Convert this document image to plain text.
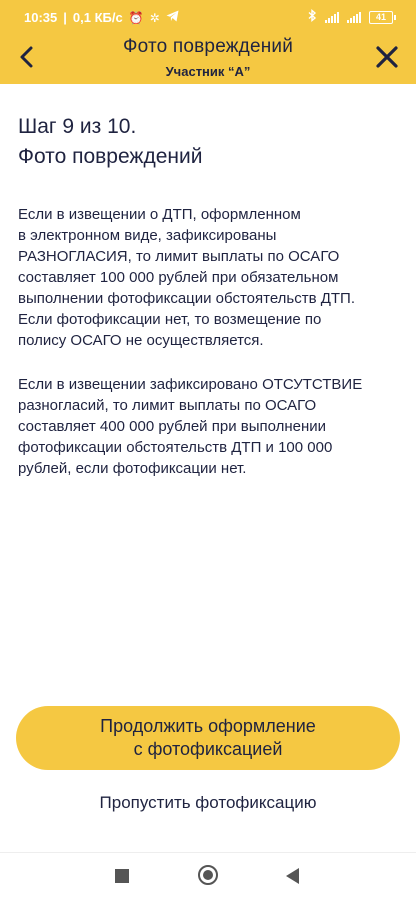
10:35 | 0,1 КБ/с ⏰ ✲	41
Фото повреждений
Участник “А”
Шаг 9 из 10.
Фото повреждений

Если в извещении о ДТП, оформленном
в электронном виде, зафиксированы
РАЗНОГЛАСИЯ, то лимит выплаты по ОСАГО
составляет 100 000 рублей при обязательном
выполнении фотофиксации обстоятельств ДТП.
Если фотофиксации нет, то возмещение по
полису ОСАГО не осуществляется.

Если в извещении зафиксировано ОТСУТСТВИЕ
разногласий, то лимит выплаты по ОСАГО
составляет 400 000 рублей при выполнении
фотофиксации обстоятельств ДТП и 100 000
рублей, если фотофиксации нет.

Продолжить оформление
с фотофиксацией
Пропустить фотофиксацию
